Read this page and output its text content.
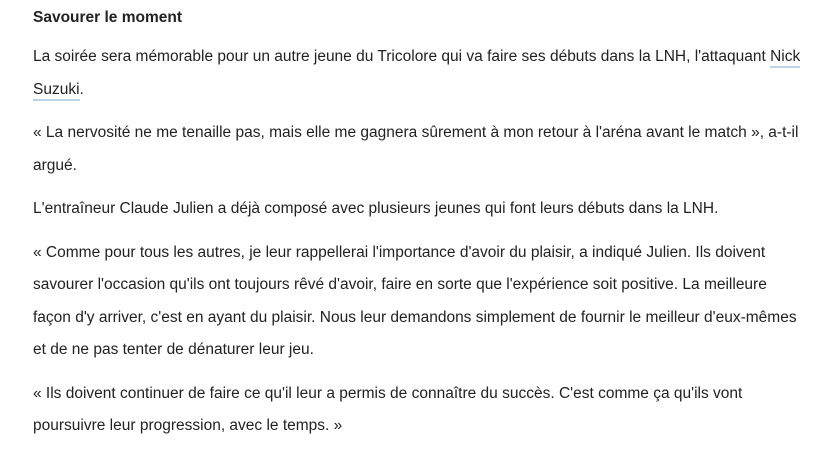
Savourer le moment

La soirée sera mémorable pour un autre jeune du Tricolore qui va faire ses débuts dans la LNH, l'attaquant Nick Suzuki.

« La nervosité ne me tenaille pas, mais elle me gagnera sûrement à mon retour à l'aréna avant le match », a-t-il argué.

L'entraîneur Claude Julien a déjà composé avec plusieurs jeunes qui font leurs débuts dans la LNH.

« Comme pour tous les autres, je leur rappellerai l'importance d'avoir du plaisir, a indiqué Julien. Ils doivent savourer l'occasion qu'ils ont toujours rêvé d'avoir, faire en sorte que l'expérience soit positive. La meilleure façon d'y arriver, c'est en ayant du plaisir. Nous leur demandons simplement de fournir le meilleur d'eux-mêmes et de ne pas tenter de dénaturer leur jeu.

« Ils doivent continuer de faire ce qu'il leur a permis de connaître du succès. C'est comme ça qu'ils vont poursuivre leur progression, avec le temps. »
